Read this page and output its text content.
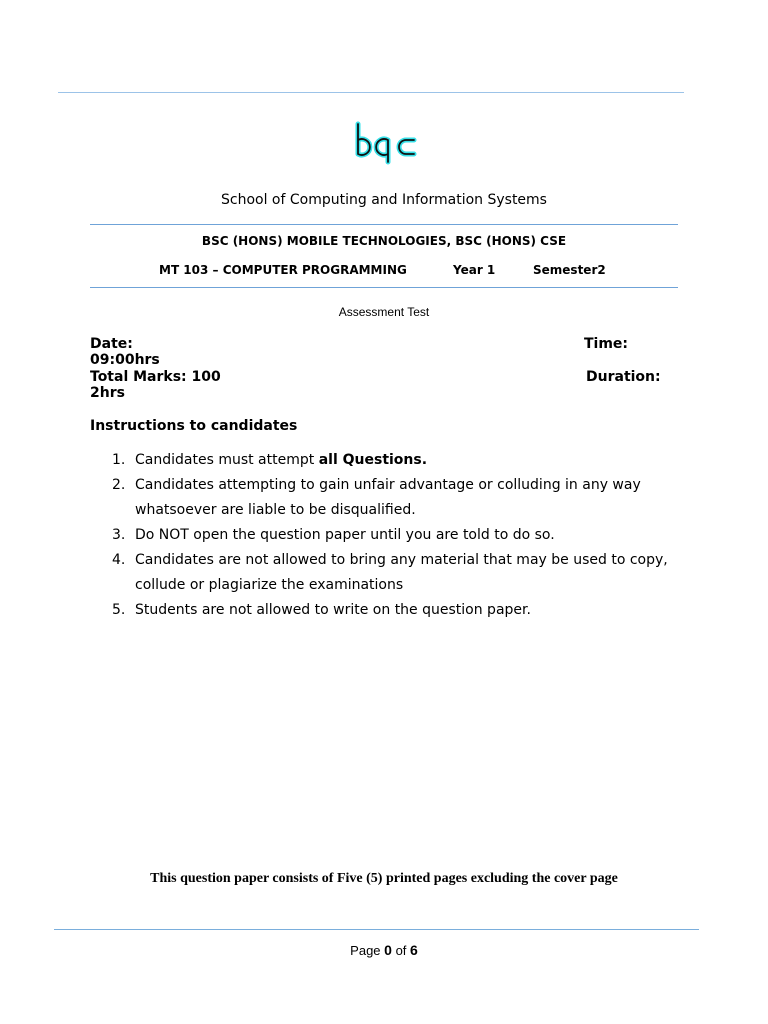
School of Computing and Information Systems
BSC (HONS) MOBILE TECHNOLOGIES, BSC (HONS) CSE
MT 103 – COMPUTER PROGRAMMING	Year 1	Semester2
Assessment Test
Date:	Time:
09:00hrs
Total Marks: 100	Duration:
2hrs
Instructions to candidates
1. Candidates must attempt all Questions.
2. Candidates attempting to gain unfair advantage or colluding in any way whatsoever are liable to be disqualified.
3. Do NOT open the question paper until you are told to do so.
4. Candidates are not allowed to bring any material that may be used to copy, collude or plagiarize the examinations
5. Students are not allowed to write on the question paper.
This question paper consists of Five (5) printed pages excluding the cover page
Page 0 of 6
